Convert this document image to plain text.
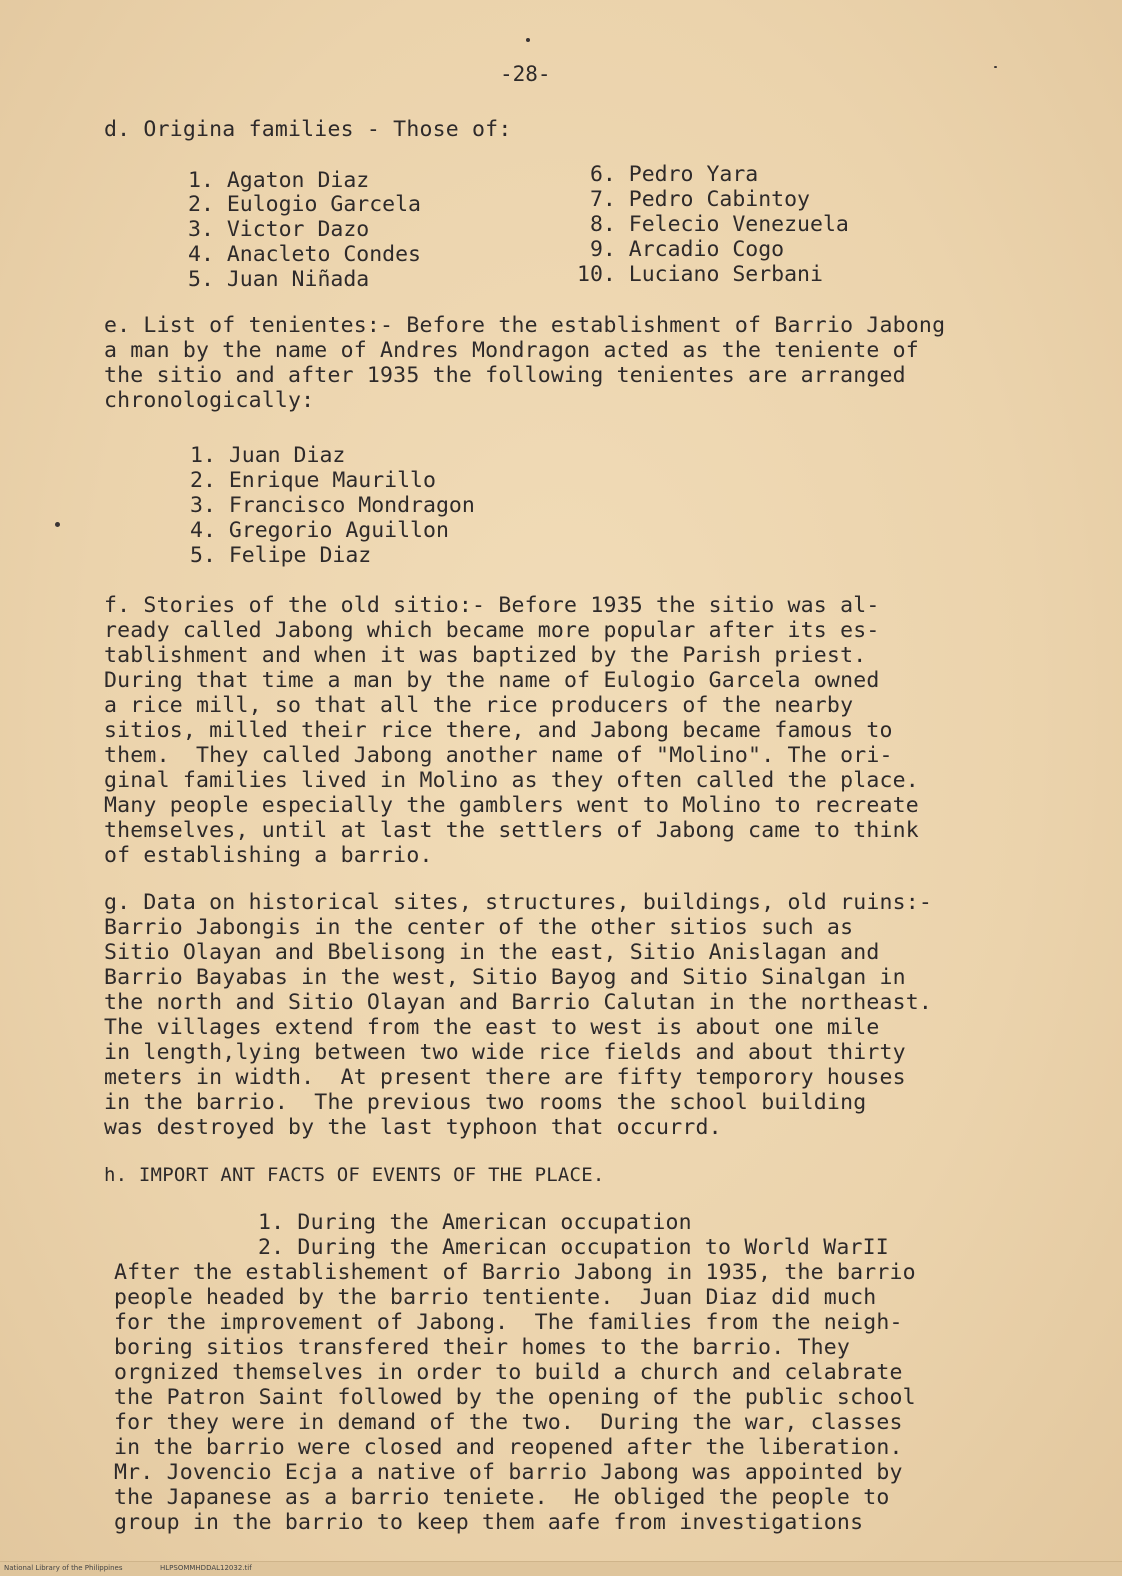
-28-
d. Origina families - Those of:
1. Agaton Diaz
2. Eulogio Garcela
3. Victor Dazo
4. Anacleto Condes
5. Juan Niñada
6. Pedro Yara
7. Pedro Cabintoy
8. Felecio Venezuela
9. Arcadio Cogo
10. Luciano Serbani
e. List of tenientes:- Before the establishment of Barrio Jabong
a man by the name of Andres Mondragon acted as the teniente of
the sitio and after 1935 the following tenientes are arranged
chronologically:
1. Juan Diaz
2. Enrique Maurillo
3. Francisco Mondragon
4. Gregorio Aguillon
5. Felipe Diaz
f. Stories of the old sitio:- Before 1935 the sitio was al-
ready called Jabong which became more popular after its es-
tablishment and when it was baptized by the Parish priest.
During that time a man by the name of Eulogio Garcela owned
a rice mill, so that all the rice producers of the nearby
sitios, milled their rice there, and Jabong became famous to
them.  They called Jabong another name of "Molino". The ori-
ginal families lived in Molino as they often called the place.
Many people especially the gamblers went to Molino to recreate
themselves, until at last the settlers of Jabong came to think
of establishing a barrio.
g. Data on historical sites, structures, buildings, old ruins:-
Barrio Jabongis in the center of the other sitios such as
Sitio Olayan and Bbelisong in the east, Sitio Anislagan and
Barrio Bayabas in the west, Sitio Bayog and Sitio Sinalgan in
the north and Sitio Olayan and Barrio Calutan in the northeast.
The villages extend from the east to west is about one mile
in length,lying between two wide rice fields and about thirty
meters in width.  At present there are fifty temporory houses
in the barrio.  The previous two rooms the school building
was destroyed by the last typhoon that occurrd.
h. IMPORT ANT FACTS OF EVENTS OF THE PLACE.
1. During the American occupation
2. During the American occupation to World WarII
After the establishement of Barrio Jabong in 1935, the barrio
people headed by the barrio tentiente.  Juan Diaz did much
for the improvement of Jabong.  The families from the neigh-
boring sitios transfered their homes to the barrio. They
orgnized themselves in order to build a church and celabrate
the Patron Saint followed by the opening of the public school
for they were in demand of the two.  During the war, classes
in the barrio were closed and reopened after the liberation.
Mr. Jovencio Ecja a native of barrio Jabong was appointed by
the Japanese as a barrio teniete.  He obliged the people to
group in the barrio to keep them aafe from investigations
National Library of the Philippines	HLPSOMMHDDAL12032.tif
